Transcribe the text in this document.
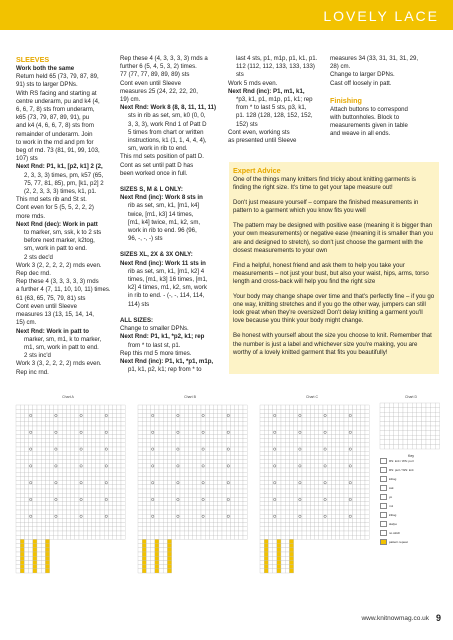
LOVELY LACE
SLEEVES

Work both the same

Return held 65 (73, 79, 87, 89,

91) sts to larger DPNs.

With RS facing and starting at

centre underarm, pu and k4 (4,

6, 6, 7, 8) sts from underarm,

k65 (73, 79, 87, 89, 91), pu

and k4 (4, 6, 6, 7, 8) sts from

remainder of underarm. Join

to work in the rnd and pm for

beg of rnd. 73 (81, 91, 99, 103,

107) sts

Next Rnd: P1, k1, [p2, k1] 2 (2,

2, 3, 3, 3) times, pm, k57 (65,

75, 77, 81, 85), pm, [k1, p2] 2

(2, 2, 3, 3, 3) times, k1, p1.

This rnd sets rib and St st.

Cont even for 5 (5, 5, 2, 2, 2)

more rnds.

Next Rnd (dec): Work in patt

to marker, sm, ssk, k to 2 sts

before next marker, k2tog,

sm, work in patt to end.

2 sts dec'd

Work 3 (2, 2, 2, 2, 2) rnds even.

Rep dec rnd.

Rep these 4 (3, 3, 3, 3, 3) rnds

a further 4 (7, 11, 10, 10, 11) times.

61 (63, 65, 75, 79, 81) sts

Cont even until Sleeve

measures 13 (13, 15, 14, 14,

15) cm.

Next Rnd: Work in patt to

marker, sm, m1, k to marker,

m1, sm, work in patt to end.

2 sts inc'd

Work 3 (3, 2, 2, 2, 2) rnds even.

Rep inc rnd.

Rep these 4 (4, 3, 3, 3, 3) rnds a

further 6 (5, 4, 5, 3, 2) times.

77 (77, 77, 89, 89, 89) sts

Cont even until Sleeve

measures 25 (24, 22, 22, 20,

19) cm.

Next Rnd: Work 8 (8, 8, 11, 11, 11)

sts in rib as set, sm, k0 (0, 0,

3, 3, 3), work Rnd 1 of Patt D

5 times from chart or written

instructions, k1 (1, 1, 4, 4, 4),

sm, work in rib to end.

This rnd sets position of patt D.

Cont as set until patt D has

been worked once in full.

SIZES S, M & L ONLY:

Next Rnd (inc): Work 8 sts in

rib as set, sm, k1, [m1, k4]

twice, [m1, k3] 14 times,

[m1, k4] twice, m1, k2, sm,

work in rib to end. 96 (96,

96, -, -, -) sts

SIZES XL, 2X & 3X ONLY:

Next Rnd (inc): Work 11 sts in

rib as set, sm, k1, [m1, k2] 4

times, [m1, k3] 16 times, [m1,

k2] 4 times, m1, k2, sm, work

in rib to end. - (-, -, 114, 114,

114) sts

ALL SIZES:

Change to smaller DPNs.

Next Rnd: P1, k1, *p2, k1; rep

from * to last st, p1.

Rep this rnd 5 more times.

Next Rnd (inc): P1, k1, *p1, m1p,

p1, k1, p2, k1; rep from * to

last 4 sts, p1, m1p, p1, k1, p1.

112 (112, 112, 133, 133, 133) sts

Work 5 rnds even.

Next Rnd (inc): P1, m1, k1,

*p3, k1, p1, m1p, p1, k1; rep

from * to last 5 sts, p3, k1,

p1. 128 (128, 128, 152, 152,

152) sts

Cont even, working sts

as presented until Sleeve

measures 34 (33, 31, 31, 31, 29,

28) cm.

Change to larger DPNs.

Cast off loosely in patt.

Finishing

Attach buttons to correspond

with buttonholes. Block to

measurements given in table

and weave in all ends.

Expert Advice

One of the things many knitters find tricky about knitting garments is finding the right size. It's time to get your tape measure out!

Don't just measure yourself – compare the finished measurements in pattern to a garment which you know fits you well

The pattern may be designed with positive ease (meaning it is bigger than your own measurements) or negative ease (meaning it is smaller than you are and designed to stretch), so don't just choose the garment with the closest measurements to your own

Find a helpful, honest friend and ask them to help you take your measurements – not just your bust, but also your waist, hips, arms, torso length and cross-back will help you find the right size

Your body may change shape over time and that's perfectly fine – if you go one way, knitting stretches and if you go the other way, jumpers can still look great when they're oversized! Don't delay knitting a garment you'll love because you think your body might change.

Be honest with yourself about the size you choose to knit. Remember that the number is just a label and whichever size you're making, you are worthy of a lovely knitted garment that fits you beautifully!

Chart A	Chart B	Chart C	Chart D
Key
RS: knit / WS: purl
RS: purl / WS: knit
k2tog
ssk
yo
m1
k3tog
sk2po
no stitch
pattern repeat
www.knitnowmag.co.uk 9
